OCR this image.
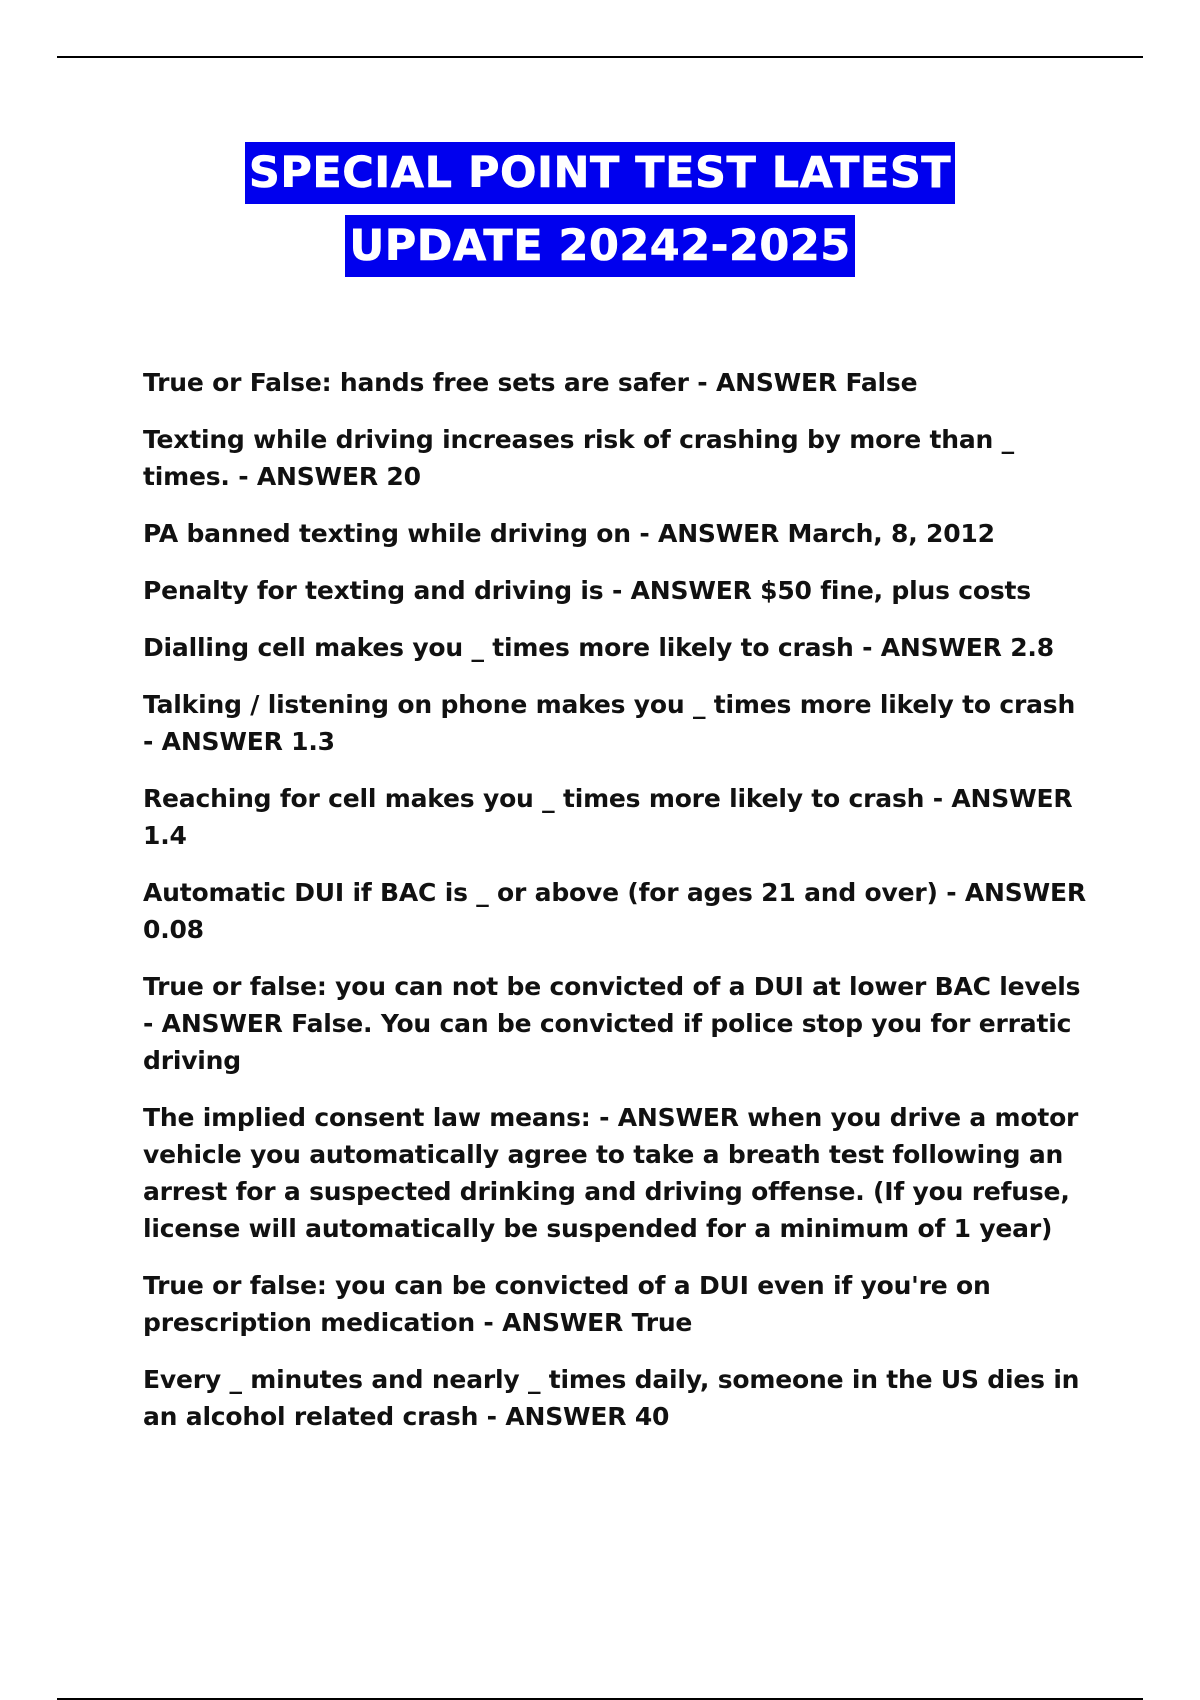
SPECIAL POINT TEST LATEST
UPDATE 20242-2025
True or False: hands free sets are safer - ANSWER False
Texting while driving increases risk of crashing by more than _ times. - ANSWER 20
PA banned texting while driving on - ANSWER March, 8, 2012
Penalty for texting and driving is - ANSWER $50 fine, plus costs
Dialling cell makes you _ times more likely to crash - ANSWER 2.8
Talking / listening on phone makes you _ times more likely to crash - ANSWER 1.3
Reaching for cell makes you _ times more likely to crash - ANSWER 1.4
Automatic DUI if BAC is _ or above (for ages 21 and over) - ANSWER 0.08
True or false: you can not be convicted of a DUI at lower BAC levels - ANSWER False. You can be convicted if police stop you for erratic driving
The implied consent law means: - ANSWER when you drive a motor vehicle you automatically agree to take a breath test following an arrest for a suspected drinking and driving offense. (If you refuse, license will automatically be suspended for a minimum of 1 year)
True or false: you can be convicted of a DUI even if you're on prescription medication - ANSWER True
Every _ minutes and nearly _ times daily, someone in the US dies in an alcohol related crash - ANSWER 40
